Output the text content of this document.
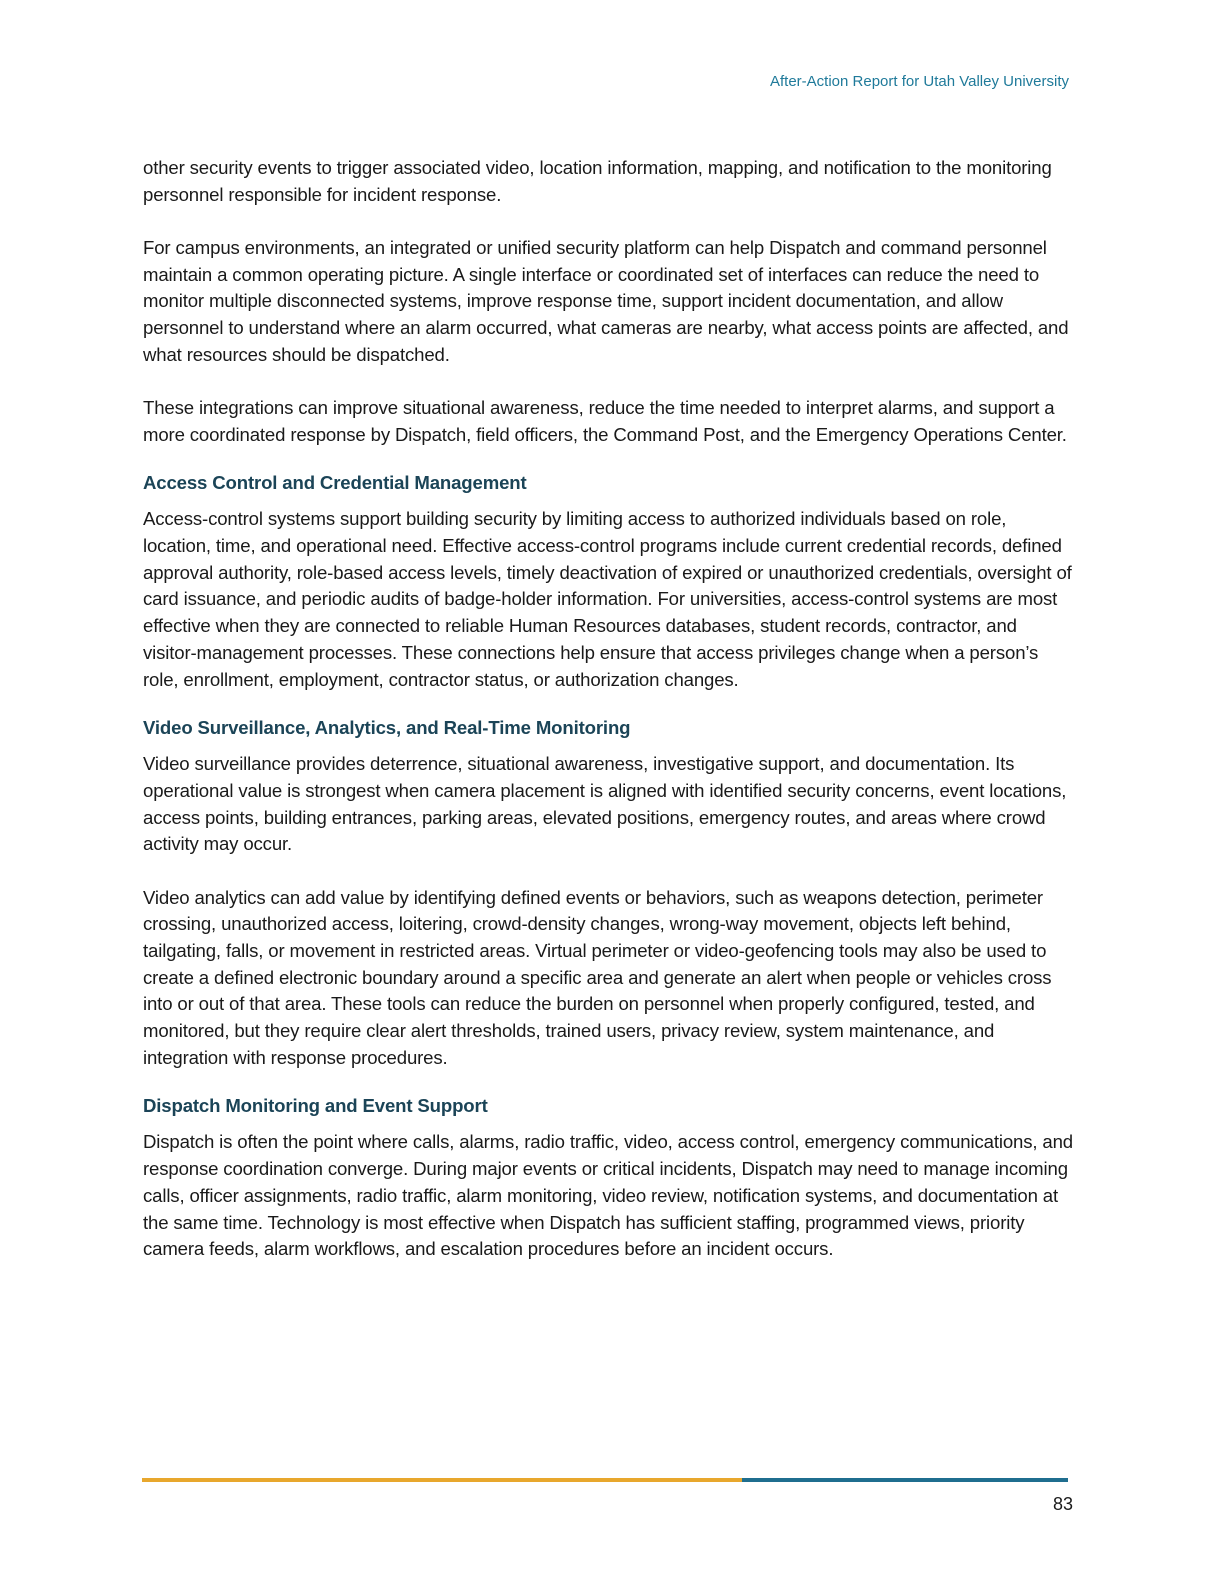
After-Action Report for Utah Valley University

other security events to trigger associated video, location information, mapping, and notification to the monitoring personnel responsible for incident response.

For campus environments, an integrated or unified security platform can help Dispatch and command personnel maintain a common operating picture. A single interface or coordinated set of interfaces can reduce the need to monitor multiple disconnected systems, improve response time, support incident documentation, and allow personnel to understand where an alarm occurred, what cameras are nearby, what access points are affected, and what resources should be dispatched.

These integrations can improve situational awareness, reduce the time needed to interpret alarms, and support a more coordinated response by Dispatch, field officers, the Command Post, and the Emergency Operations Center.

Access Control and Credential Management

Access-control systems support building security by limiting access to authorized individuals based on role, location, time, and operational need. Effective access-control programs include current credential records, defined approval authority, role-based access levels, timely deactivation of expired or unauthorized credentials, oversight of card issuance, and periodic audits of badge-holder information. For universities, access-control systems are most effective when they are connected to reliable Human Resources databases, student records, contractor, and visitor-management processes. These connections help ensure that access privileges change when a person’s role, enrollment, employment, contractor status, or authorization changes.

Video Surveillance, Analytics, and Real-Time Monitoring

Video surveillance provides deterrence, situational awareness, investigative support, and documentation. Its operational value is strongest when camera placement is aligned with identified security concerns, event locations, access points, building entrances, parking areas, elevated positions, emergency routes, and areas where crowd activity may occur.

Video analytics can add value by identifying defined events or behaviors, such as weapons detection, perimeter crossing, unauthorized access, loitering, crowd-density changes, wrong-way movement, objects left behind, tailgating, falls, or movement in restricted areas. Virtual perimeter or video-geofencing tools may also be used to create a defined electronic boundary around a specific area and generate an alert when people or vehicles cross into or out of that area. These tools can reduce the burden on personnel when properly configured, tested, and monitored, but they require clear alert thresholds, trained users, privacy review, system maintenance, and integration with response procedures.

Dispatch Monitoring and Event Support

Dispatch is often the point where calls, alarms, radio traffic, video, access control, emergency communications, and response coordination converge. During major events or critical incidents, Dispatch may need to manage incoming calls, officer assignments, radio traffic, alarm monitoring, video review, notification systems, and documentation at the same time. Technology is most effective when Dispatch has sufficient staffing, programmed views, priority camera feeds, alarm workflows, and escalation procedures before an incident occurs.

83
